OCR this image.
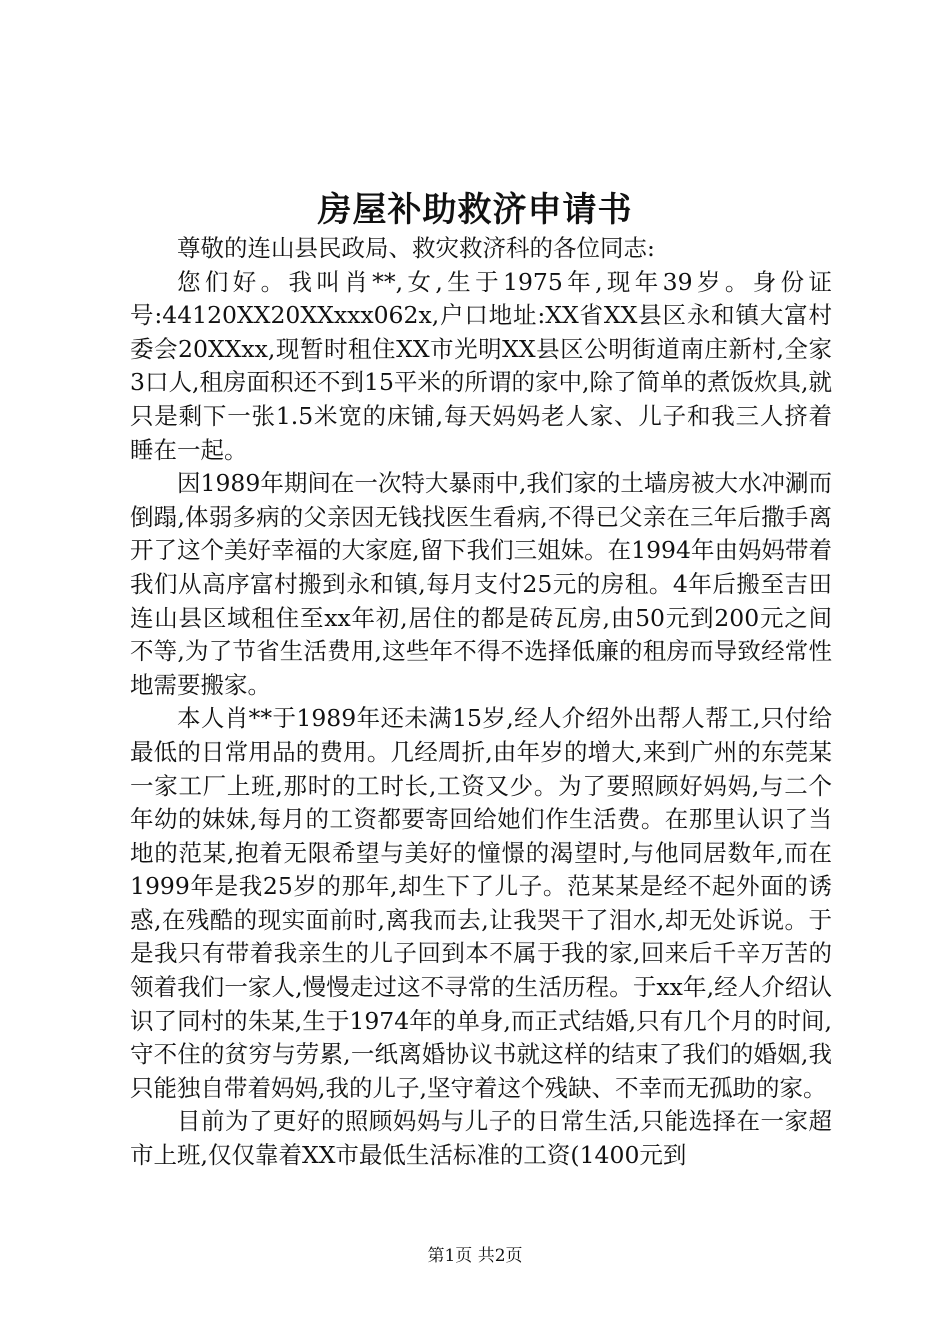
房屋补助救济申请书

尊敬的连山县民政局、救灾救济科的各位同志:

您们好。我叫肖**,女,生于1975年,现年39岁。身份证号:44120XX20XXxxx062x,户口地址:XX省XX县区永和镇大富村委会20XXxx,现暂时租住XX市光明XX县区公明街道南庄新村,全家3口人,租房面积还不到15平米的所谓的家中,除了简单的煮饭炊具,就只是剩下一张1.5米宽的床铺,每天妈妈老人家、儿子和我三人挤着睡在一起。

因1989年期间在一次特大暴雨中,我们家的土墙房被大水冲涮而倒蹋,体弱多病的父亲因无钱找医生看病,不得已父亲在三年后撒手离开了这个美好幸福的大家庭,留下我们三姐妹。在1994年由妈妈带着我们从高序富村搬到永和镇,每月支付25元的房租。4年后搬至吉田连山县区域租住至xx年初,居住的都是砖瓦房,由50元到200元之间不等,为了节省生活费用,这些年不得不选择低廉的租房而导致经常性地需要搬家。

本人肖**于1989年还未满15岁,经人介绍外出帮人帮工,只付给最低的日常用品的费用。几经周折,由年岁的增大,来到广州的东莞某一家工厂上班,那时的工时长,工资又少。为了要照顾好妈妈,与二个年幼的妹妹,每月的工资都要寄回给她们作生活费。在那里认识了当地的范某,抱着无限希望与美好的憧憬的渴望时,与他同居数年,而在1999年是我25岁的那年,却生下了儿子。范某某是经不起外面的诱惑,在残酷的现实面前时,离我而去,让我哭干了泪水,却无处诉说。于是我只有带着我亲生的儿子回到本不属于我的家,回来后千辛万苦的领着我们一家人,慢慢走过这不寻常的生活历程。于xx年,经人介绍认识了同村的朱某,生于1974年的单身,而正式结婚,只有几个月的时间,守不住的贫穷与劳累,一纸离婚协议书就这样的结束了我们的婚姻,我只能独自带着妈妈,我的儿子,坚守着这个残缺、不幸而无孤助的家。

目前为了更好的照顾妈妈与儿子的日常生活,只能选择在一家超市上班,仅仅靠着XX市最低生活标准的工资(1400元到

第1页 共2页
